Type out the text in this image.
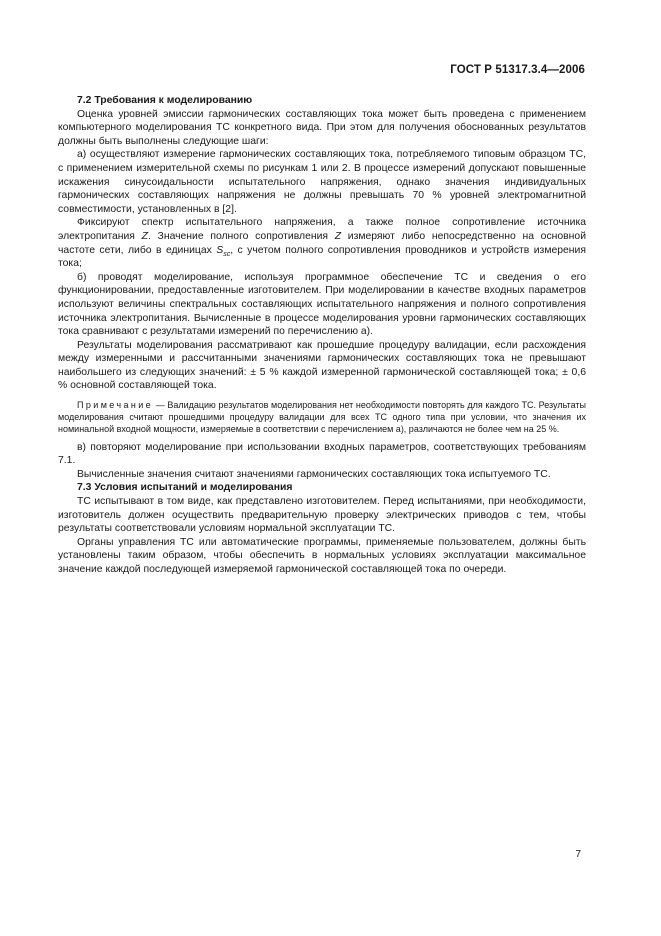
ГОСТ Р 51317.3.4—2006
7.2 Требования к моделированию

Оценка уровней эмиссии гармонических составляющих тока может быть проведена с применением компьютерного моделирования ТС конкретного вида. При этом для получения обоснованных результатов должны быть выполнены следующие шаги:

а) осуществляют измерение гармонических составляющих тока, потребляемого типовым образцом ТС, с применением измерительной схемы по рисункам 1 или 2. В процессе измерений допускают повышенные искажения синусоидальности испытательного напряжения, однако значения индивидуальных гармонических составляющих напряжения не должны превышать 70 % уровней электромагнитной совместимости, установленных в [2].

Фиксируют спектр испытательного напряжения, а также полное сопротивление источника электропитания Z. Значение полного сопротивления Z измеряют либо непосредственно на основной частоте сети, либо в единицах $S_{sc}$, с учетом полного сопротивления проводников и устройств измерения тока;

б) проводят моделирование, используя программное обеспечение ТС и сведения о его функционировании, предоставленные изготовителем. При моделировании в качестве входных параметров используют величины спектральных составляющих испытательного напряжения и полного сопротивления источника электропитания. Вычисленные в процессе моделирования уровни гармонических составляющих тока сравнивают с результатами измерений по перечислению а).

Результаты моделирования рассматривают как прошедшие процедуру валидации, если расхождения между измеренными и рассчитанными значениями гармонических составляющих тока не превышают наибольшего из следующих значений: ± 5 % каждой измеренной гармонической составляющей тока; ± 0,6 % основной составляющей тока.

Примечание — Валидацию результатов моделирования нет необходимости повторять для каждого ТС. Результаты моделирования считают прошедшими процедуру валидации для всех ТС одного типа при условии, что значения их номинальной входной мощности, измеряемые в соответствии с перечислением а), различаются не более чем на 25 %.

в) повторяют моделирование при использовании входных параметров, соответствующих требованиям 7.1.

Вычисленные значения считают значениями гармонических составляющих тока испытуемого ТС.

7.3 Условия испытаний и моделирования

ТС испытывают в том виде, как представлено изготовителем. Перед испытаниями, при необходимости, изготовитель должен осуществить предварительную проверку электрических приводов с тем, чтобы результаты соответствовали условиям нормальной эксплуатации ТС.

Органы управления ТС или автоматические программы, применяемые пользователем, должны быть установлены таким образом, чтобы обеспечить в нормальных условиях эксплуатации максимальное значение каждой последующей измеряемой гармонической составляющей тока по очереди.

7
